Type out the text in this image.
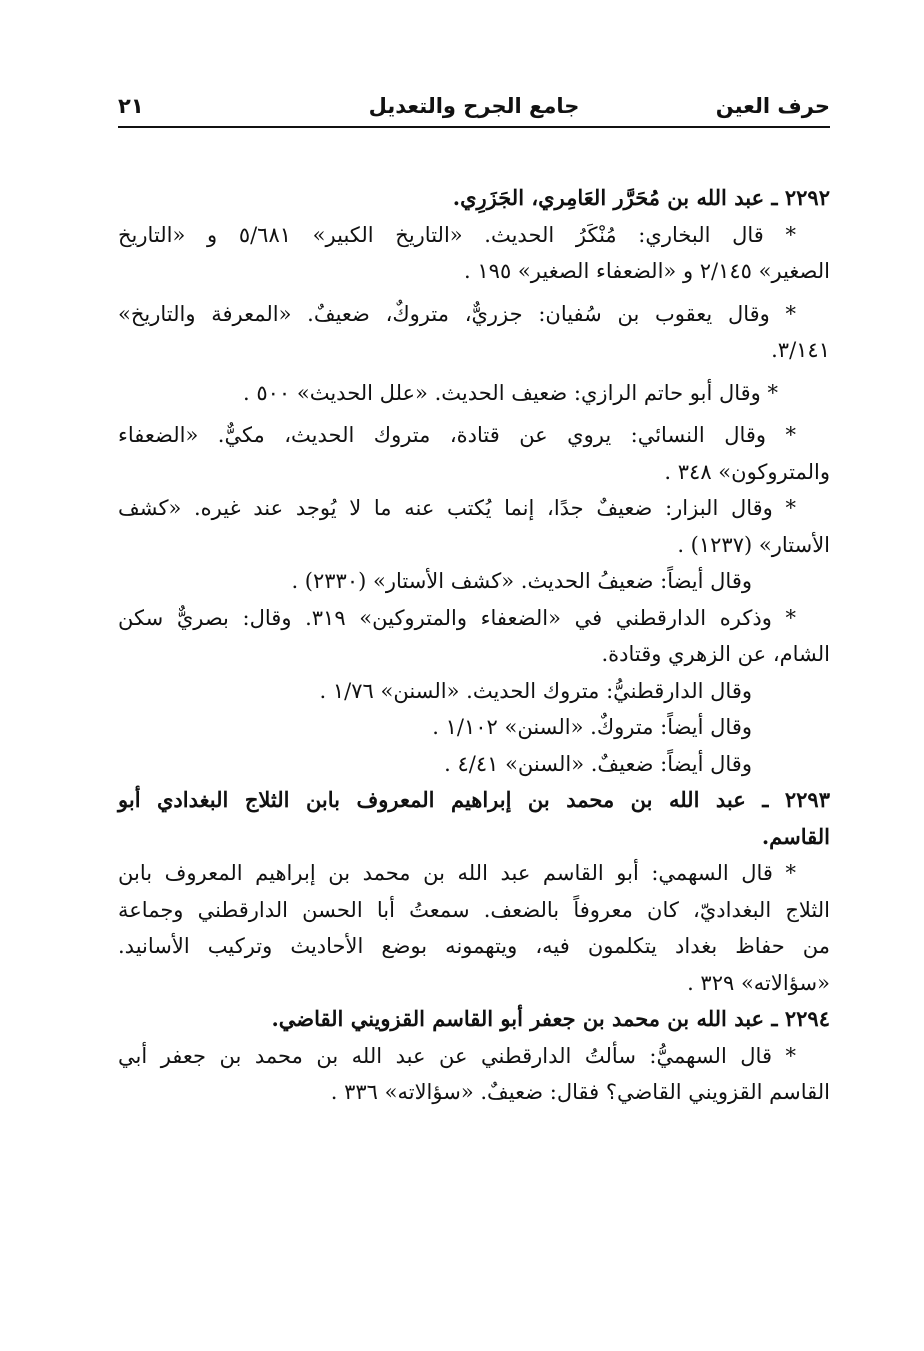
٢١	جامع الجرح والتعديل	حرف العين
٢٢٩٢ ـ عبد الله بن مُحَرَّر العَامِري، الجَزَرِي.
* قال البخاري: مُنْكَرُ الحديث. «التاريخ الكبير» ٥/٦٨١ و «التاريخ
الصغير» ٢/١٤٥ و «الضعفاء الصغير» ١٩٥ .
* وقال يعقوب بن سُفيان: جزريٌّ، متروكٌ، ضعيفٌ. «المعرفة والتاريخ»
٣/١٤١.
* وقال أبو حاتم الرازي: ضعيف الحديث. «علل الحديث» ٥٠٠ .
* وقال النسائي: يروي عن قتادة، متروك الحديث، مكيٌّ. «الضعفاء
والمتروكون» ٣٤٨ .
* وقال البزار: ضعيفٌ جدًا، إنما يُكتب عنه ما لا يُوجد عند غيره. «كشف
الأستار» (١٢٣٧) .
وقال أيضاً: ضعيفُ الحديث. «كشف الأستار» (٢٣٣٠) .
* وذكره الدارقطني في «الضعفاء والمتروكين» ٣١٩. وقال: بصريٌّ سكن
الشام، عن الزهري وقتادة.
وقال الدارقطنيُّ: متروك الحديث. «السنن» ١/٧٦ .
وقال أيضاً: متروكٌ. «السنن» ١/١٠٢ .
وقال أيضاً: ضعيفٌ. «السنن» ٤/٤١ .
٢٢٩٣ ـ عبد الله بن محمد بن إبراهيم المعروف بابن الثلاج البغدادي أبو
القاسم.
* قال السهمي: أبو القاسم عبد الله بن محمد بن إبراهيم المعروف بابن
الثلاج البغداديّ، كان معروفاً بالضعف. سمعتُ أبا الحسن الدارقطني وجماعة
من حفاظ بغداد يتكلمون فيه، ويتهمونه بوضع الأحاديث وتركيب الأسانيد.
«سؤالاته» ٣٢٩ .
٢٢٩٤ ـ عبد الله بن محمد بن جعفر أبو القاسم القزويني القاضي.
* قال السهميُّ: سألتُ الدارقطني عن عبد الله بن محمد بن جعفر أبي
القاسم القزويني القاضي؟ فقال: ضعيفٌ. «سؤالاته» ٣٣٦ .
